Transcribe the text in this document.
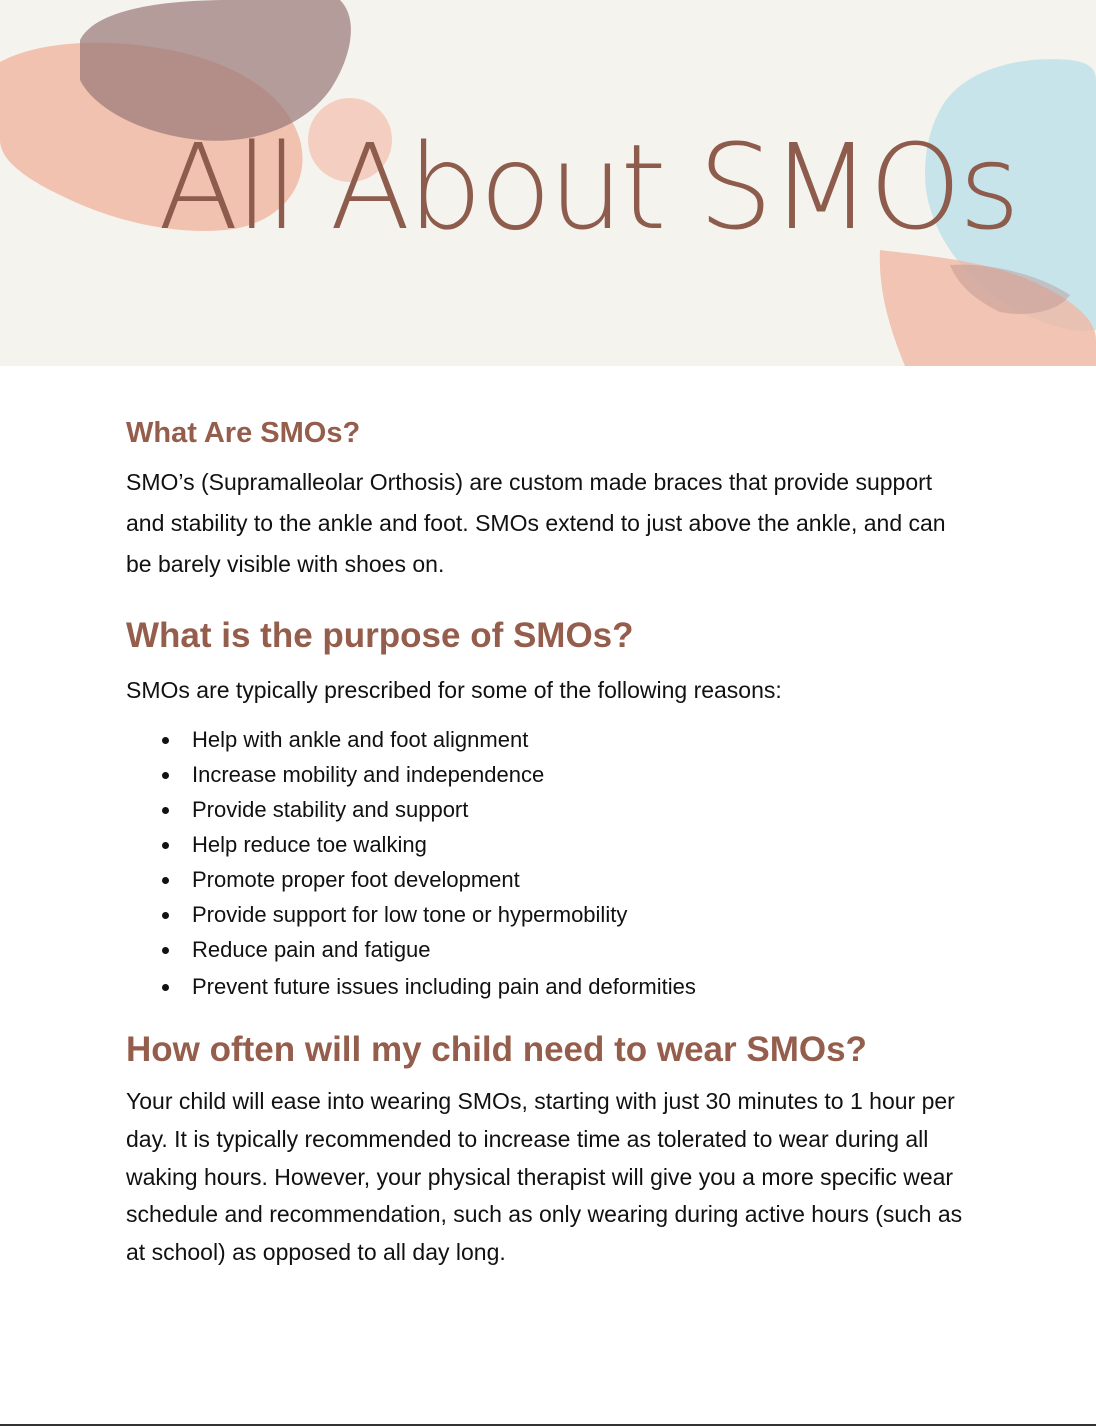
All About SMOs
What Are SMOs?

SMO’s (Supramalleolar Orthosis) are custom made braces that provide support and stability to the ankle and foot. SMOs extend to just above the ankle, and can be barely visible with shoes on.

What is the purpose of SMOs?

SMOs are typically prescribed for some of the following reasons:

Help with ankle and foot alignment
Increase mobility and independence
Provide stability and support
Help reduce toe walking
Promote proper foot development
Provide support for low tone or hypermobility
Reduce pain and fatigue
Prevent future issues including pain and deformities
How often will my child need to wear SMOs?

Your child will ease into wearing SMOs, starting with just 30 minutes to 1 hour per day. It is typically recommended to increase time as tolerated to wear during all waking hours. However, your physical therapist will give you a more specific wear schedule and recommendation, such as only wearing during active hours (such as at school) as opposed to all day long.
